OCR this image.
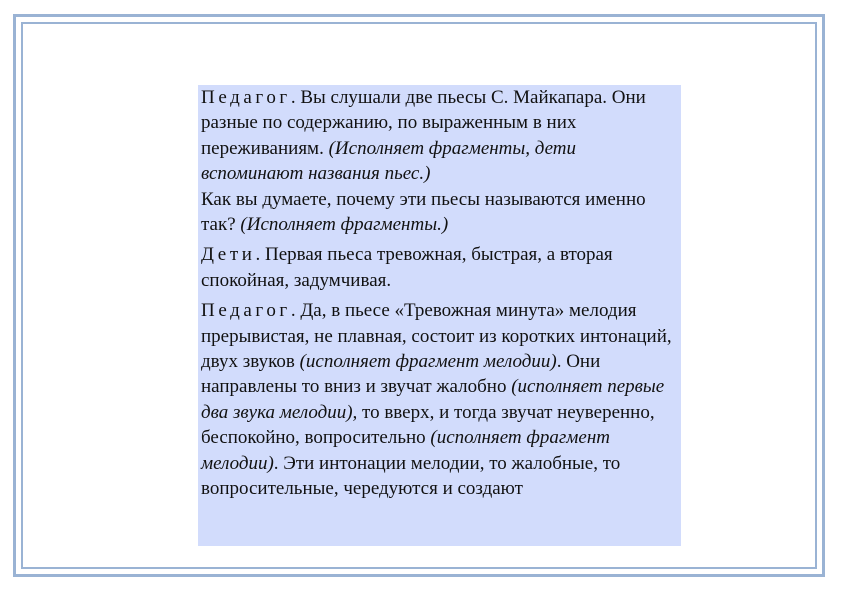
Педагог. Вы слушали две пьесы С. Майкапара. Они разные по содержанию, по выраженным в них переживаниям. (Исполняет фрагменты, дети вспоминают названия пьес.)

Как вы думаете, почему эти пьесы называются именно так? (Исполняет фрагменты.)

Дети. Первая пьеса тревожная, быстрая, а вторая спокойная, задумчивая.

Педагог. Да, в пьесе «Тревожная минута» мелодия прерывистая, не плавная, состоит из коротких интонаций, двух звуков (исполняет фрагмент мелодии). Они направлены то вниз и звучат жалобно (исполняет первые два звука мелодии), то вверх, и тогда звучат неуверенно, беспокойно, вопросительно (исполняет фрагмент мелодии). Эти интонации мелодии, то жалобные, то вопросительные, чередуются и создают
